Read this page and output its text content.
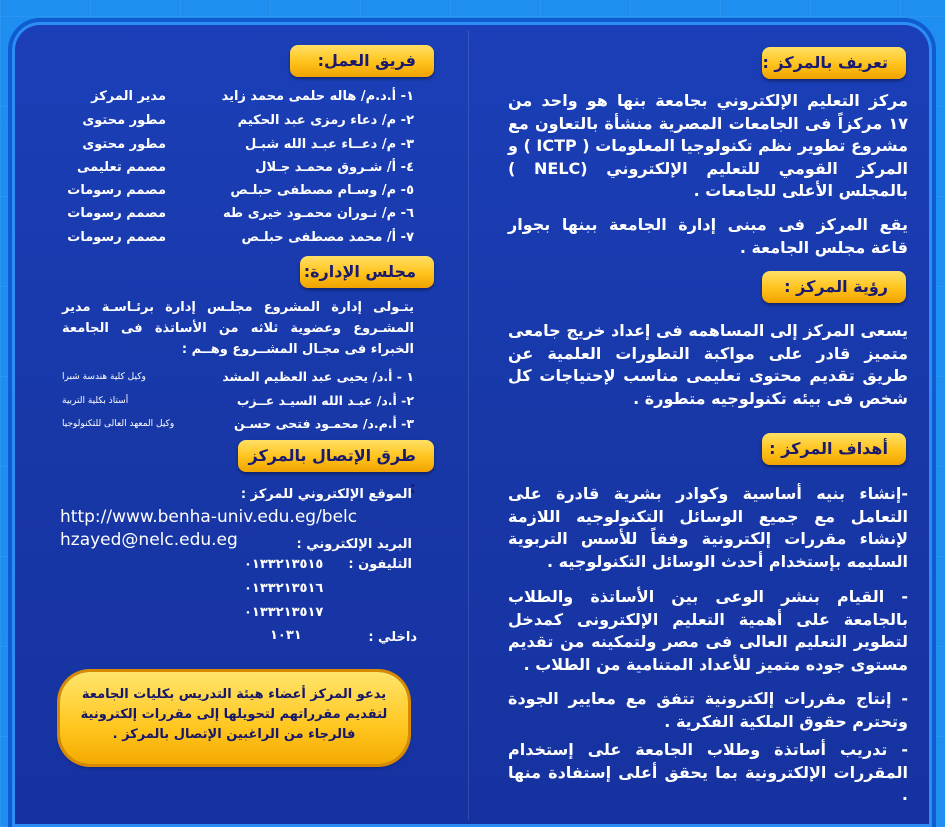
تعريف بالمركز :
مركز التعليم الإلكتروني بجامعة بنها هو واحد من ١٧ مركزاً فى الجامعات المصرية منشأة بالتعاون مع مشروع تطوير نظم تكنولوجيا المعلومات ( ICTP ) و المركز القومي للتعليم الإلكتروني (NELC ) بالمجلس الأعلى للجامعات .
يقع المركز فى مبنى إدارة الجامعة ببنها بجوار قاعة مجلس الجامعة .
رؤية المركز :
يسعى المركز إلى المساهمه فى إعداد خريج جامعى متميز قادر على مواكبة التطورات العلمية عن طريق تقديم محتوى تعليمى مناسب لإحتياجات كل شخص فى بيئه تكنولوجيه متطورة .
أهداف المركز :
-إنشاء بنيه أساسية وكوادر بشرية قادرة على التعامل مع جميع الوسائل التكنولوجيه اللازمة لإنشاء مقررات إلكترونية وفقاً للأسس التربوية السليمه بإستخدام أحدث الوسائل التكنولوجيه .
- القيام بنشر الوعى بين الأساتذة والطلاب بالجامعة على أهمية التعليم الإلكترونى كمدخل لتطوير التعليم العالى فى مصر ولتمكينه من تقديم مستوى جوده متميز للأعداد المتنامية من الطلاب .
- إنتاج مقررات إلكترونية تتفق مع معايير الجودة وتحترم حقوق الملكية الفكرية .
- تدريب أساتذة وطلاب الجامعة على إستخدام المقررات الإلكترونية بما يحقق أعلى إستفادة منها .
فريق العمل:
١- أ.د.م/ هاله حلمى محمد زايد
مدير المركز
٢- م/ دعاء رمزى عبد الحكيم
مطور محتوى
٣- م/ دعــاء عبـد الله شبـل
مطور محتوى
٤- أ/ شـروق محمـد جـلال
مصمم تعليمى
٥- م/ وسـام مصطفى حبلـص
مصمم رسومات
٦- م/ نـوران محمـود خيرى طه
مصمم رسومات
٧- أ/ محمد مصطفى حبلـص
مصمم رسومات
مجلس الإدارة:
يتـولى إدارة المشروع مجلـس إدارة برئـاسـة مدير المشـروع وعضوية ثلاثه من الأساتذة فى الجامعة الخبراء فى مجـال المشــروع وهــم :
١ - أ.د/ يحيى عبد العظيم المشد
وكيل كلية هندسة شبرا
٢- أ.د/ عبـد الله السيـد عــزب
أستاذ بكلية التربية
٣- أ.م.د/ محمـود فتحى حسـن
وكيل المعهد العالى للتكنولوجيا
طرق الإتصال بالمركز :
الموقع الإلكتروني للمركز :
http://www.benha-univ.edu.eg/belc
hzayed@nelc.edu.eg	البريد الإلكتروني :
التليفون :
٠١٣٣٢١٣٥١٥
٠١٣٣٢١٣٥١٦
٠١٣٣٢١٣٥١٧
داخلي :
١٠٣١
يدعو المركز أعضاء هيئة التدريس بكليات الجامعة
لتقديم مقرراتهم لتحويلها إلى مقررات إلكترونية
فالرجاء من الراغبين الإتصال بالمركز .
